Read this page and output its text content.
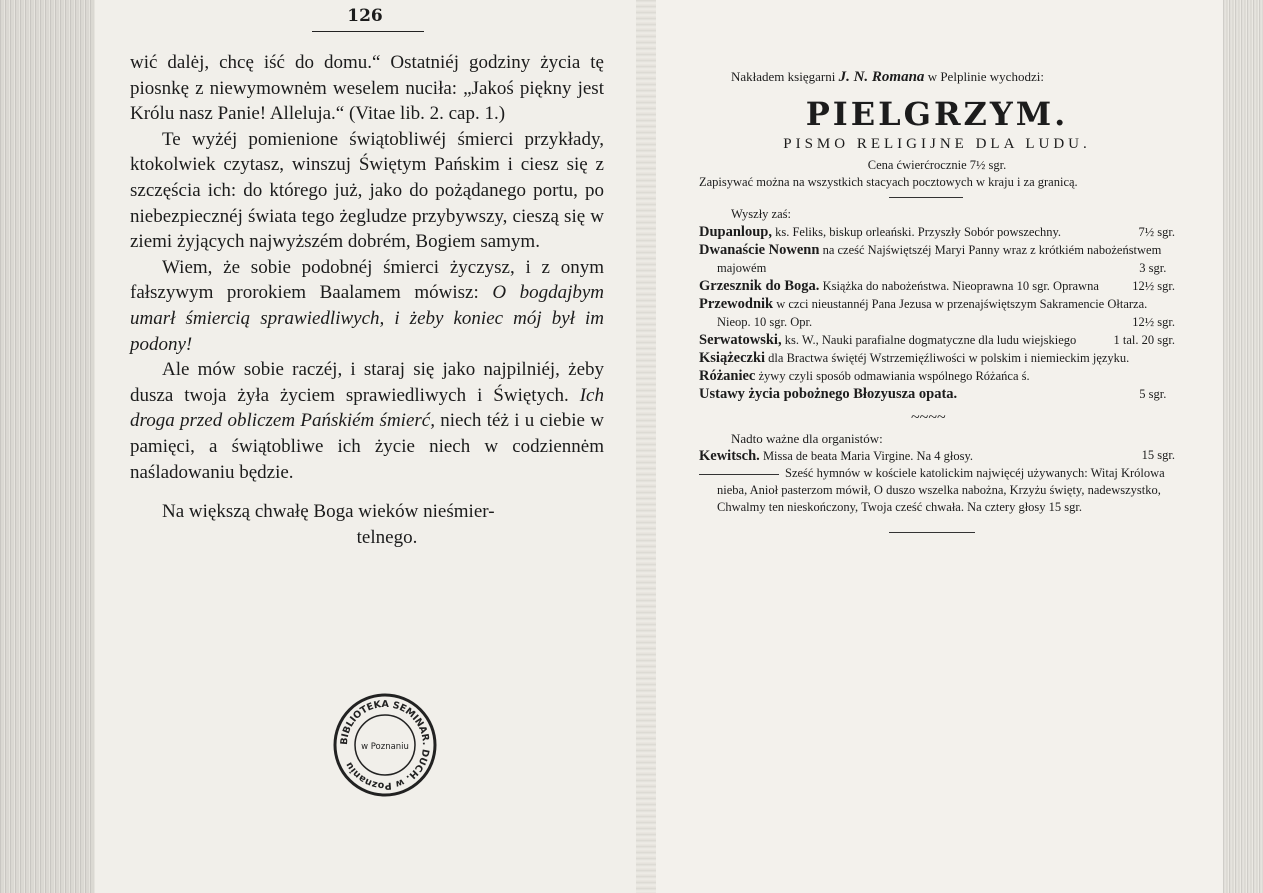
126

wić dalėj, chcę iść do domu.“ Ostatniéj godziny życia tę piosnkę z niewymownėm weselem nuciła: „Jakoś piękny jest Królu nasz Panie! Alleluja.“ (Vitae lib. 2. cap. 1.)

Te wyżéj pomienione świątobliwéj śmierci przykłady, ktokolwiek czytasz, winszuj Świętym Pańskim i ciesz się z szczęścia ich: do którego już, jako do pożądanego portu, po niebezpiecznéj świata tego żegludze przybywszy, cieszą się w ziemi żyjących najwyższém dobrém, Bogiem samym.

Wiem, że sobie podobnéj śmierci życzysz, i z onym fałszywym prorokiem Baalamem mówisz: O bogdajbym umarł śmiercią sprawiedliwych, i żeby koniec mój był im podony!

Ale mów sobie raczéj, i staraj się jako najpilniéj, żeby dusza twoja żyła życiem sprawiedliwych i Świętych. Ich droga przed obliczem Pańskiém śmierć, niech téż i u ciebie w pamięci, a świątobliwe ich życie niech w codziennėm naśladowaniu będzie.

Na większą chwałę Boga wieków nieśmier-

telnego.

BIBLIOTEKA SEMINAR. DUCH. w Poznaniu
w Poznaniu

Nakładem księgarni J. N. Romana w Pelplinie wychodzi:

PIELGRZYM.
PISMO RELIGIJNE DLA LUDU.
Cena ćwierćrocznie 7½ sgr.

Zapisywać można na wszystkich stacyach pocztowych w kraju i za granicą.

Wyszły zaś:

Dupanloup, ks. Feliks, biskup orleański. Przyszły Sobór powszechny.	7½ sgr.

Dwanaście Nowenn na cześć Najświętszéj Maryi Panny wraz z krótkiém nabożeństwem majowém	3 sgr.

Grzesznik do Boga. Książka do nabożeństwa. Nieoprawna 10 sgr. Oprawna	12½ sgr.

Przewodnik w czci nieustannéj Pana Jezusa w przenajświętszym Sakramencie Ołtarza. Nieop. 10 sgr. Opr.	12½ sgr.

Serwatowski, ks. W., Nauki parafialne dogmatyczne dla ludu wiejskiego	1 tal. 20 sgr.

Książeczki dla Bractwa świętéj Wstrzemięźliwości w polskim i niemieckim języku.

Różaniec żywy czyli sposób odmawiania wspólnego Różańca ś.

Ustawy życia pobożnego Błozyusza opata.	5 sgr.

~~~~

Nadto ważne dla organistów:

Kewitsch. Missa de beata Maria Virgine. Na 4 głosy.	15 sgr.

Sześć hymnów w kościele katolickim najwięcéj używanych: Witaj Królowa nieba, Anioł pasterzom mówił, O duszo wszelka nabożna, Krzyżu święty, nadewszystko, Chwalmy ten nieskończony, Twoja cześć chwała. Na cztery głosy 15 sgr.
